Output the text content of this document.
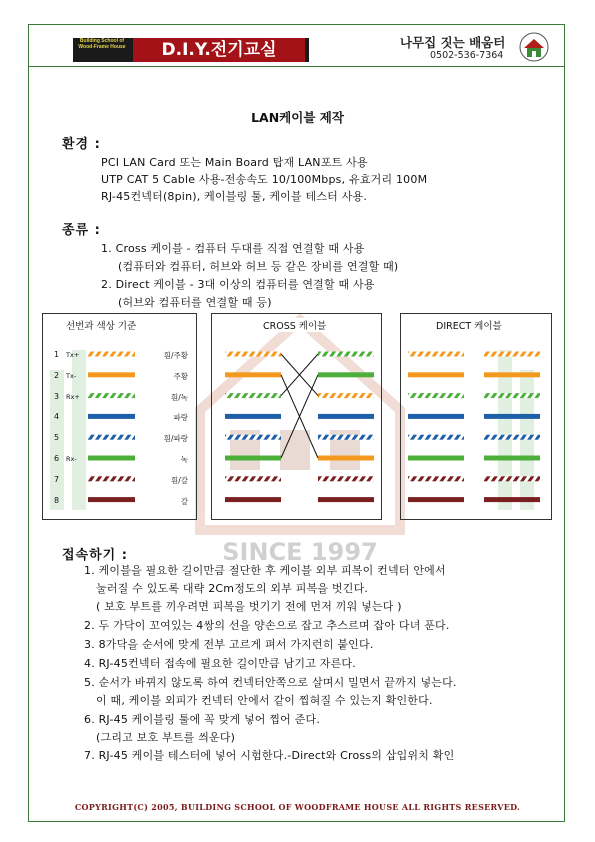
SINCE 1997
Building School of Wood-Frame House	D.I.Y.전기교실	나무집 짓는 배움터
0502-536-7364
LAN케이블 제작
환경 :
PCI LAN Card 또는 Main Board 탑재 LAN포트 사용
UTP CAT 5 Cable 사용-전송속도 10/100Mbps, 유효거리 100M
RJ-45컨넥터(8pin), 케이블링 툴, 케이블 테스터 사용.
종류 :
1. Cross 케이블 - 컴퓨터 두대를 직접 연결할 때 사용
(컴퓨터와 컴퓨터, 허브와 허브 등 같은 장비를 연결할 때)
2. Direct 케이블 - 3대 이상의 컴퓨터를 연결할 때 사용
(허브와 컴퓨터를 연결할 때 등)
선번과 색상 기준	CROSS 케이블	DIRECT 케이블
1 Tx+	흰/주황
2 Tx-	주황
3 Rx+	흰/녹
4	파랑
5	흰/파랑
6 Rx-	녹
7	흰/갈
8	갈
접속하기 :
1. 케이블을 필요한 길이만큼 절단한 후 케이블 외부 피복이 컨넥터 안에서
눌러질 수 있도록 대략 2Cm정도의 외부 피복을 벗긴다.
( 보호 부트를 끼우려면 피복을 벗기기 전에 먼저 끼워 넣는다 )
2. 두 가닥이 꼬여있는 4쌍의 선을 양손으로 잡고 추스르며 잡아 다녀 푼다.
3. 8가닥을 순서에 맞게 전부 고르게 펴서 가지런히 붙인다.
4. RJ-45컨넥터 접속에 필요한 길이만큼 남기고 자른다.
5. 순서가 바뀌지 않도록 하여 컨넥터안쪽으로 살며시 밀면서 끝까지 넣는다.
이 때, 케이블 외피가 컨넥터 안에서 같이 찝혀질 수 있는지 확인한다.
6. RJ-45 케이블링 툴에 꼭 맞게 넣어 찝어 준다.
(그리고 보호 부트를 씌운다)
7. RJ-45 케이블 테스터에 넣어 시험한다.-Direct와 Cross의 삽입위치 확인
COPYRIGHT(C) 2005, BUILDING SCHOOL OF WOODFRAME HOUSE ALL RIGHTS RESERVED.
